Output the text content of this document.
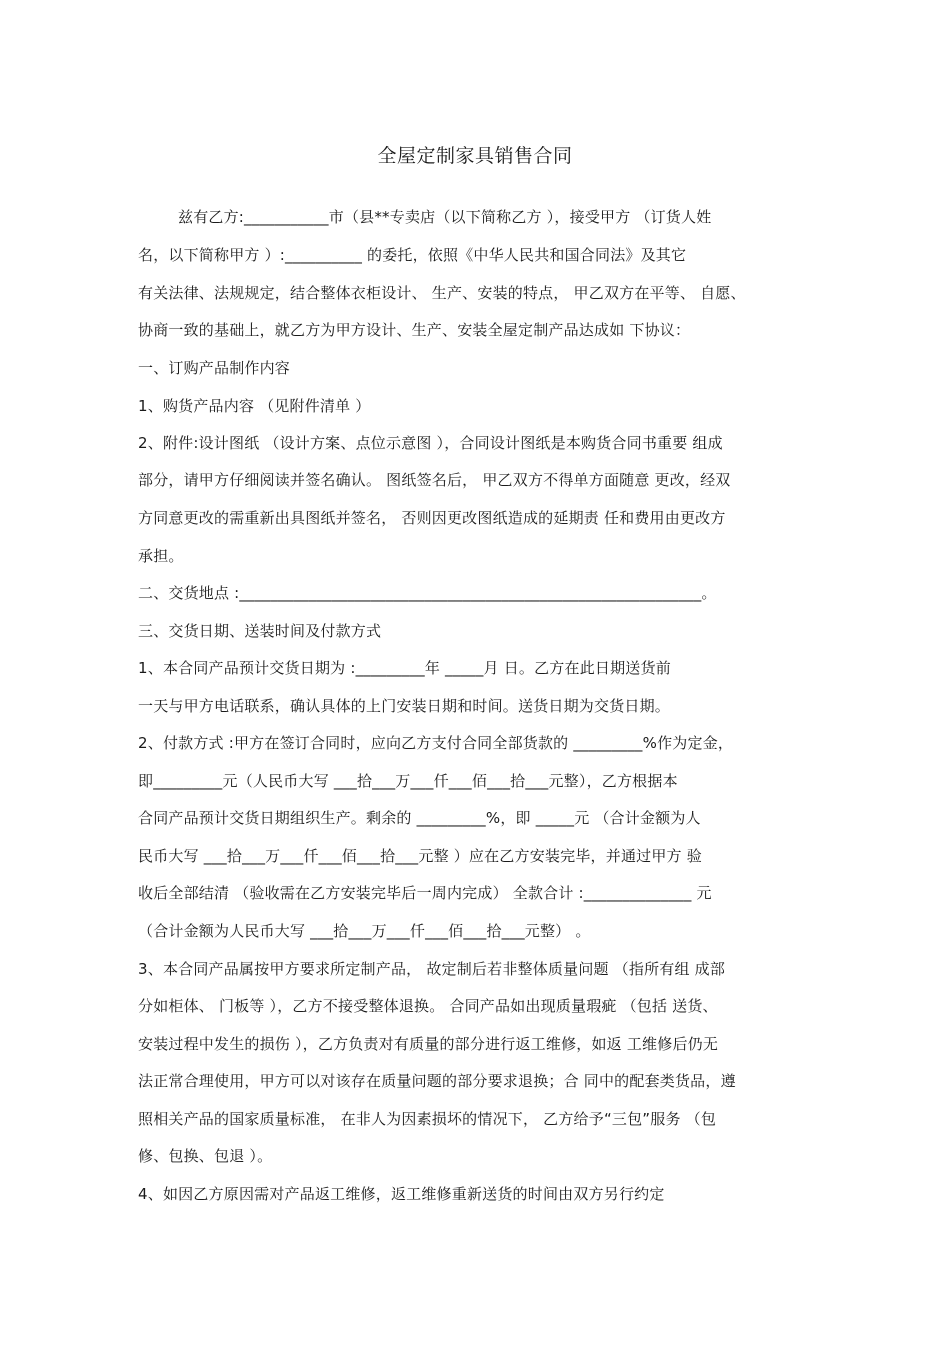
全屋定制家具销售合同
兹有乙方:___________市（县**专卖店（以下简称乙方 ），接受甲方 （订货人姓
名，以下简称甲方 ）:__________ 的委托，依照《中华人民共和国合同法》及其它
有关法律、法规规定，结合整体衣柜设计、 生产、安装的特点， 甲乙双方在平等、 自愿、
协商一致的基础上，就乙方为甲方设计、生产、安装全屋定制产品达成如 下协议：
一、订购产品制作内容
1、购货产品内容 （见附件清单 ）
2、附件:设计图纸 （设计方案、点位示意图 ），合同设计图纸是本购货合同书重要 组成
部分，请甲方仔细阅读并签名确认。 图纸签名后， 甲乙双方不得单方面随意 更改，经双
方同意更改的需重新出具图纸并签名， 否则因更改图纸造成的延期责 任和费用由更改方
承担。
二、交货地点 :____________________________________________________________。
三、交货日期、送装时间及付款方式
1、本合同产品预计交货日期为 :_________年 _____月 日。乙方在此日期送货前
一天与甲方电话联系，确认具体的上门安装日期和时间。送货日期为交货日期。
2、付款方式 :甲方在签订合同时，应向乙方支付合同全部货款的 _________%作为定金，
即_________元（人民币大写 ___拾___万___仟___佰___拾___元整），乙方根据本
合同产品预计交货日期组织生产。剩余的 _________%，即 _____元 （合计金额为人
民币大写 ___拾___万___仟___佰___拾___元整 ）应在乙方安装完毕，并通过甲方 验
收后全部结清 （验收需在乙方安装完毕后一周内完成） 全款合计 :______________ 元
（合计金额为人民币大写 ___拾___万___仟___佰___拾___元整） 。
3、本合同产品属按甲方要求所定制产品， 故定制后若非整体质量问题 （指所有组 成部
分如柜体、 门板等 ），乙方不接受整体退换。 合同产品如出现质量瑕疵 （包括 送货、
安装过程中发生的损伤 ），乙方负责对有质量的部分进行返工维修，如返 工维修后仍无
法正常合理使用，甲方可以对该存在质量问题的部分要求退换；合 同中的配套类货品，遵
照相关产品的国家质量标准， 在非人为因素损坏的情况下， 乙方给予“三包”服务 （包
修、包换、包退 ）。
4、如因乙方原因需对产品返工维修，返工维修重新送货的时间由双方另行约定
